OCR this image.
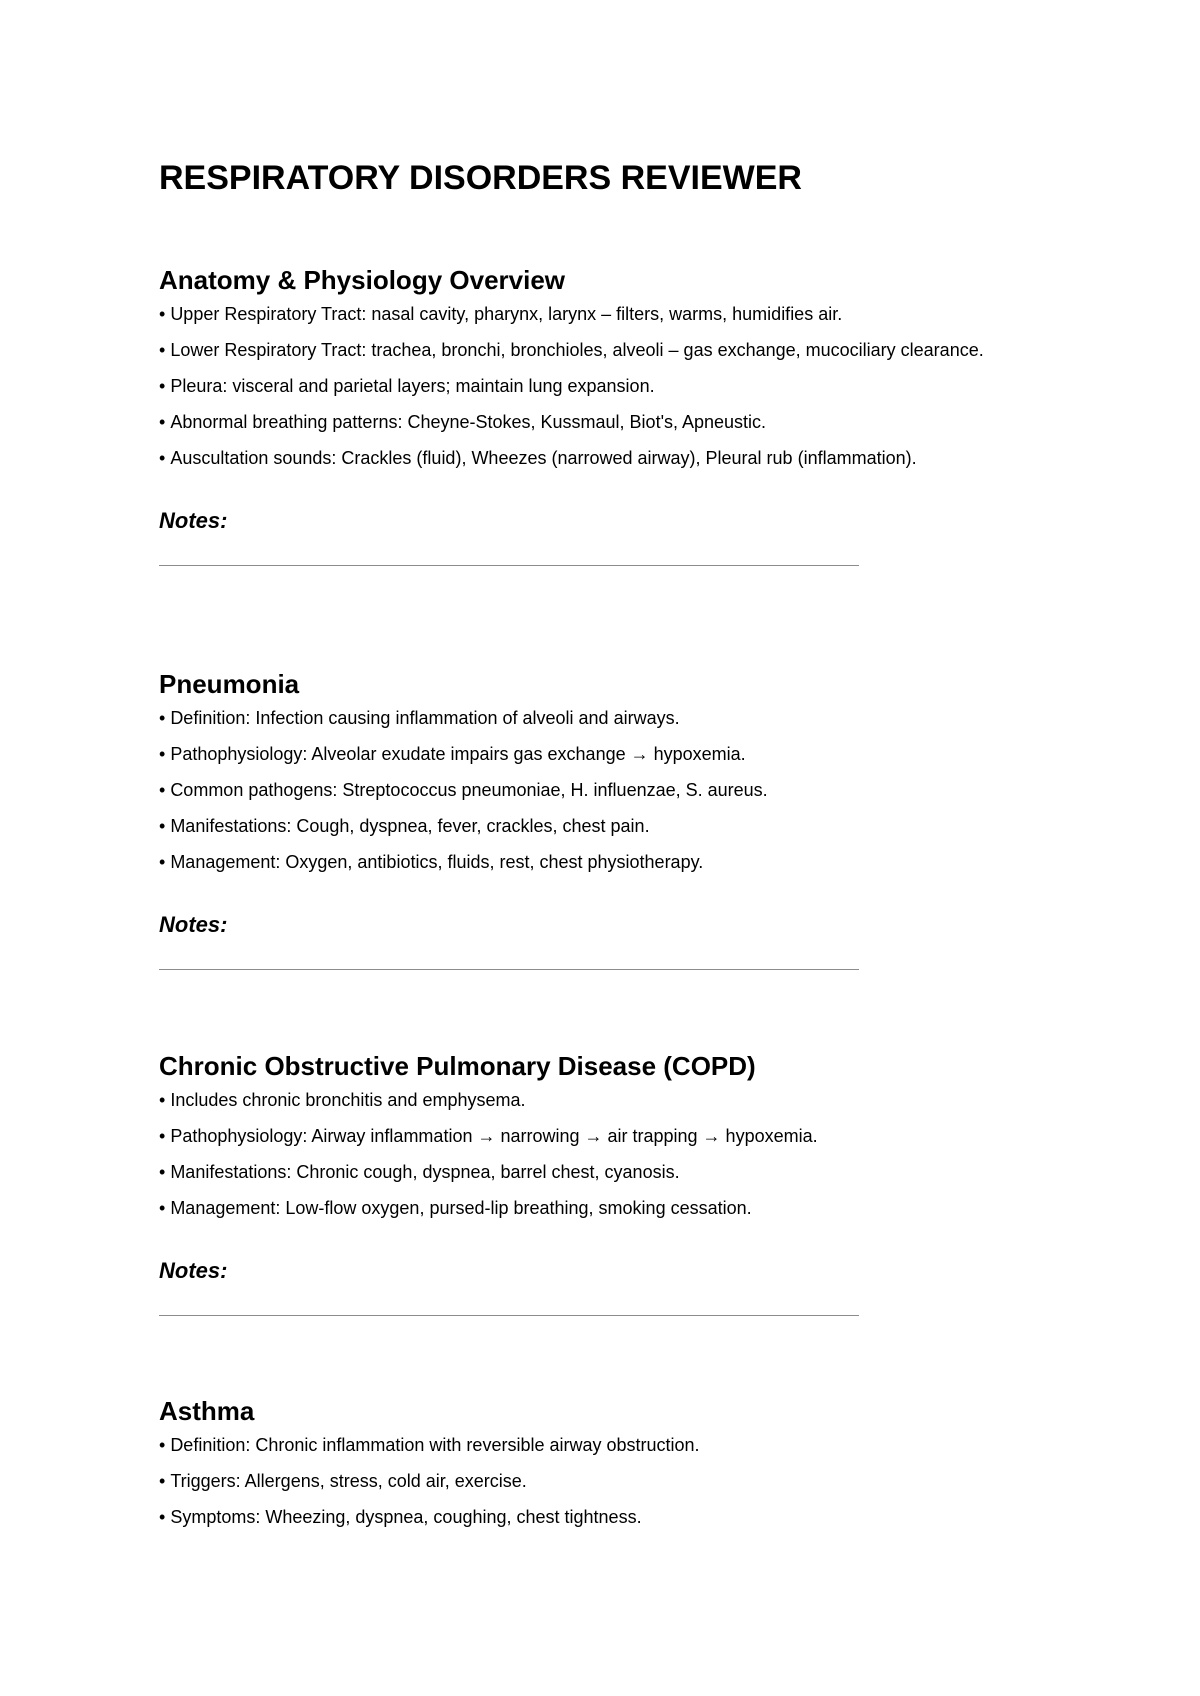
RESPIRATORY DISORDERS REVIEWER
Anatomy & Physiology Overview
• Upper Respiratory Tract: nasal cavity, pharynx, larynx – filters, warms, humidifies air.
• Lower Respiratory Tract: trachea, bronchi, bronchioles, alveoli – gas exchange, mucociliary clearance.
• Pleura: visceral and parietal layers; maintain lung expansion.
• Abnormal breathing patterns: Cheyne-Stokes, Kussmaul, Biot's, Apneustic.
• Auscultation sounds: Crackles (fluid), Wheezes (narrowed airway), Pleural rub (inflammation).
Notes:
Pneumonia
• Definition: Infection causing inflammation of alveoli and airways.
• Pathophysiology: Alveolar exudate impairs gas exchange → hypoxemia.
• Common pathogens: Streptococcus pneumoniae, H. influenzae, S. aureus.
• Manifestations: Cough, dyspnea, fever, crackles, chest pain.
• Management: Oxygen, antibiotics, fluids, rest, chest physiotherapy.
Notes:
Chronic Obstructive Pulmonary Disease (COPD)
• Includes chronic bronchitis and emphysema.
• Pathophysiology: Airway inflammation → narrowing → air trapping → hypoxemia.
• Manifestations: Chronic cough, dyspnea, barrel chest, cyanosis.
• Management: Low-flow oxygen, pursed-lip breathing, smoking cessation.
Notes:
Asthma
• Definition: Chronic inflammation with reversible airway obstruction.
• Triggers: Allergens, stress, cold air, exercise.
• Symptoms: Wheezing, dyspnea, coughing, chest tightness.
